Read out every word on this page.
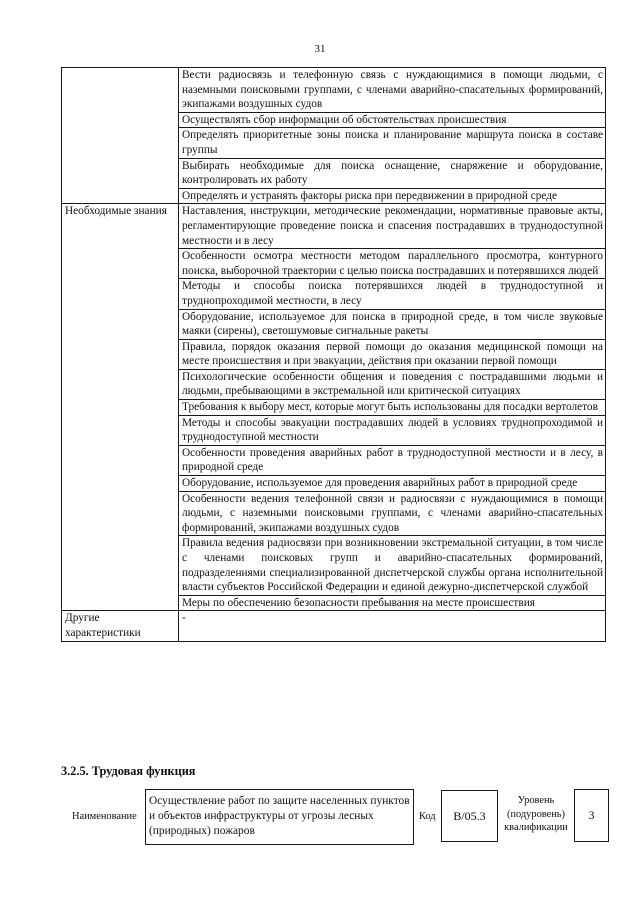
31
	Вести радиосвязь и телефонную связь с нуждающимися в помощи людьми, с наземными поисковыми группами, с членами аварийно-спасательных формирований, экипажами воздушных судов
	Осуществлять сбор информации об обстоятельствах происшествия
	Определять приоритетные зоны поиска и планирование маршрута поиска в составе группы
	Выбирать необходимые для поиска оснащение, снаряжение и оборудование, контролировать их работу
	Определять и устранять факторы риска при передвижении в природной среде
Необходимые знания	Наставления, инструкции, методические рекомендации, нормативные правовые акты, регламентирующие проведение поиска и спасения пострадавших в труднодоступной местности и в лесу
	Особенности осмотра местности методом параллельного просмотра, контурного поиска, выборочной траектории с целью поиска пострадавших и потерявшихся людей
	Методы и способы поиска потерявшихся людей в труднодоступной и труднопроходимой местности, в лесу
	Оборудование, используемое для поиска в природной среде, в том числе звуковые маяки (сирены), светошумовые сигнальные ракеты
	Правила, порядок оказания первой помощи до оказания медицинской помощи на месте происшествия и при эвакуации, действия при оказании первой помощи
	Психологические особенности общения и поведения с пострадавшими людьми и людьми, пребывающими в экстремальной или критической ситуациях
	Требования к выбору мест, которые могут быть использованы для посадки вертолетов
	Методы и способы эвакуации пострадавших людей в условиях труднопроходимой и труднодоступной местности
	Особенности проведения аварийных работ в труднодоступной местности и в лесу, в природной среде
	Оборудование, используемое для проведения аварийных работ в природной среде
	Особенности ведения телефонной связи и радиосвязи с нуждающимися в помощи людьми, с наземными поисковыми группами, с членами аварийно-спасательных формирований, экипажами воздушных судов
	Правила ведения радиосвязи при возникновении экстремальной ситуации, в том числе с членами поисковых групп и аварийно-спасательных формирований, подразделениями специализированной диспетчерской службы органа исполнительной власти субъектов Российской Федерации и единой дежурно-диспетчерской службой
	Меры по обеспечению безопасности пребывания на месте происшествия
Другие характеристики	-
3.2.5. Трудовая функция
Наименование
Осуществление работ по защите населенных пунктов и объектов инфраструктуры от угрозы лесных (природных) пожаров
Код	В/05.3
Уровень (подуровень) квалификации
3
